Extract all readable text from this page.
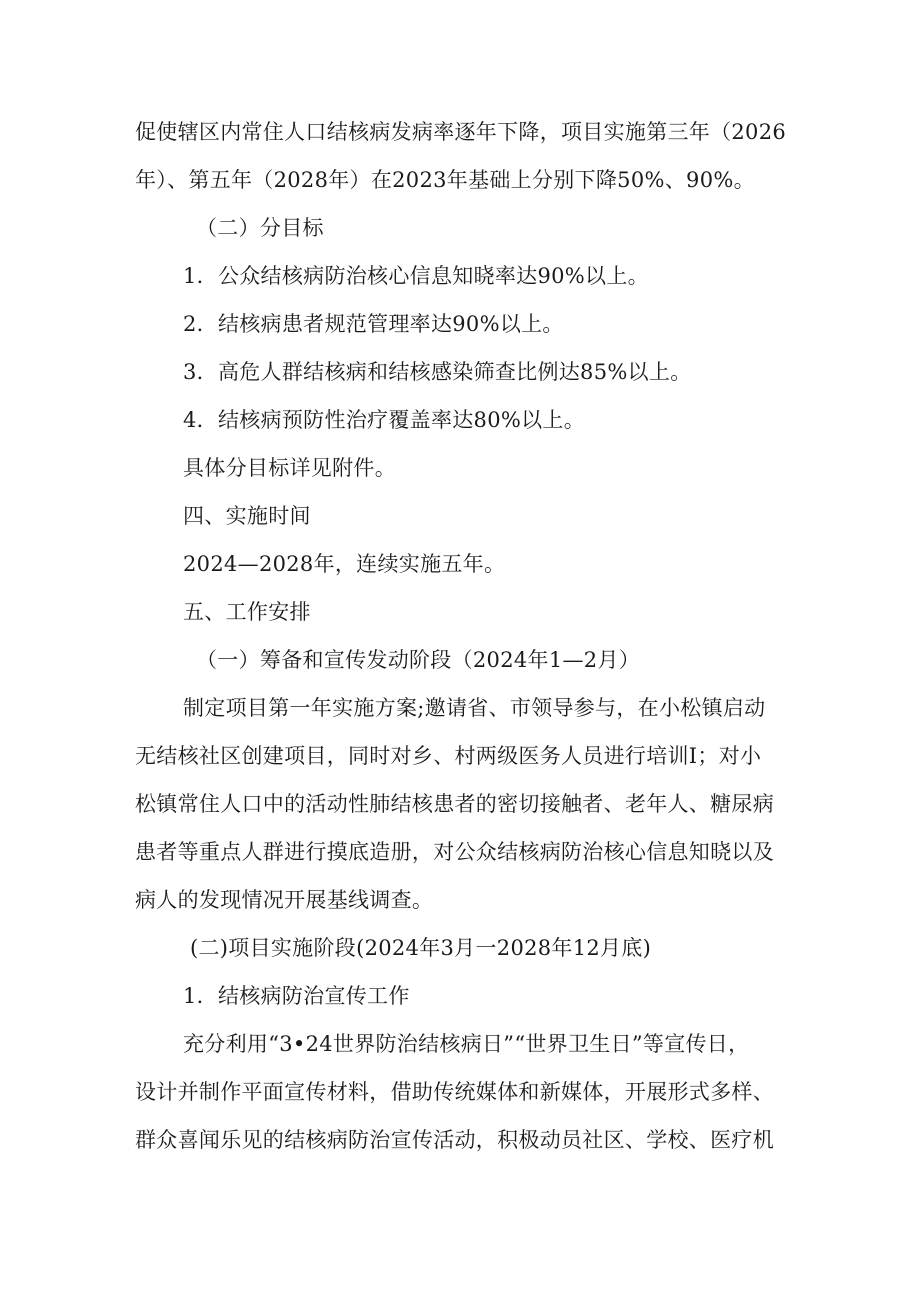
促使辖区内常住人口结核病发病率逐年下降，项目实施第三年（2026
年）、第五年（2028年）在2023年基础上分别下降50%、90%。
（二）分目标
1．公众结核病防治核心信息知晓率达90%以上。
2．结核病患者规范管理率达90%以上。
3．高危人群结核病和结核感染筛查比例达85%以上。
4．结核病预防性治疗覆盖率达80%以上。
具体分目标详见附件。
四、实施时间
2024—2028年，连续实施五年。
五、工作安排
（一）筹备和宣传发动阶段（2024年1—2月）
制定项目第一年实施方案;邀请省、市领导参与，在小松镇启动
无结核社区创建项目，同时对乡、村两级医务人员进行培训I；对小
松镇常住人口中的活动性肺结核患者的密切接触者、老年人、糖尿病
患者等重点人群进行摸底造册，对公众结核病防治核心信息知晓以及
病人的发现情况开展基线调查。
(二)项目实施阶段(2024年3月一2028年12月底)
1．结核病防治宣传工作
充分利用“3•24世界防治结核病日”“世界卫生日”等宣传日，
设计并制作平面宣传材料，借助传统媒体和新媒体，开展形式多样、
群众喜闻乐见的结核病防治宣传活动，积极动员社区、学校、医疗机
